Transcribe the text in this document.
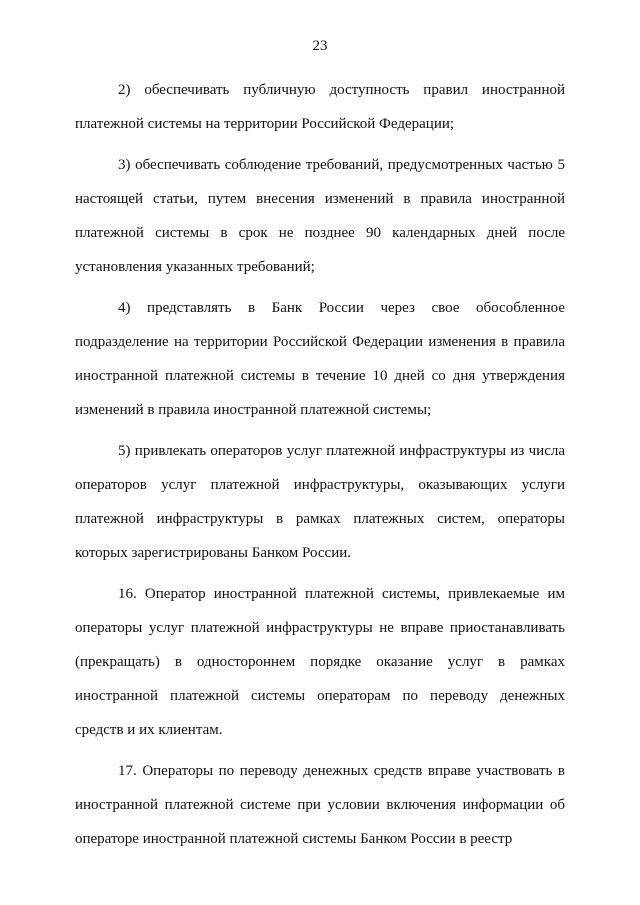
23

2) обеспечивать публичную доступность правил иностранной платежной системы на территории Российской Федерации;

3) обеспечивать соблюдение требований, предусмотренных частью 5 настоящей статьи, путем внесения изменений в правила иностранной платежной системы в срок не позднее 90 календарных дней после установления указанных требований;

4) представлять в Банк России через свое обособленное подразделение на территории Российской Федерации изменения в правила иностранной платежной системы в течение 10 дней со дня утверждения изменений в правила иностранной платежной системы;

5) привлекать операторов услуг платежной инфраструктуры из числа операторов услуг платежной инфраструктуры, оказывающих услуги платежной инфраструктуры в рамках платежных систем, операторы которых зарегистрированы Банком России.

16. Оператор иностранной платежной системы, привлекаемые им операторы услуг платежной инфраструктуры не вправе приостанавливать (прекращать) в одностороннем порядке оказание услуг в рамках иностранной платежной системы операторам по переводу денежных средств и их клиентам.

17. Операторы по переводу денежных средств вправе участвовать в иностранной платежной системе при условии включения информации об операторе иностранной платежной системы Банком России в реестр
